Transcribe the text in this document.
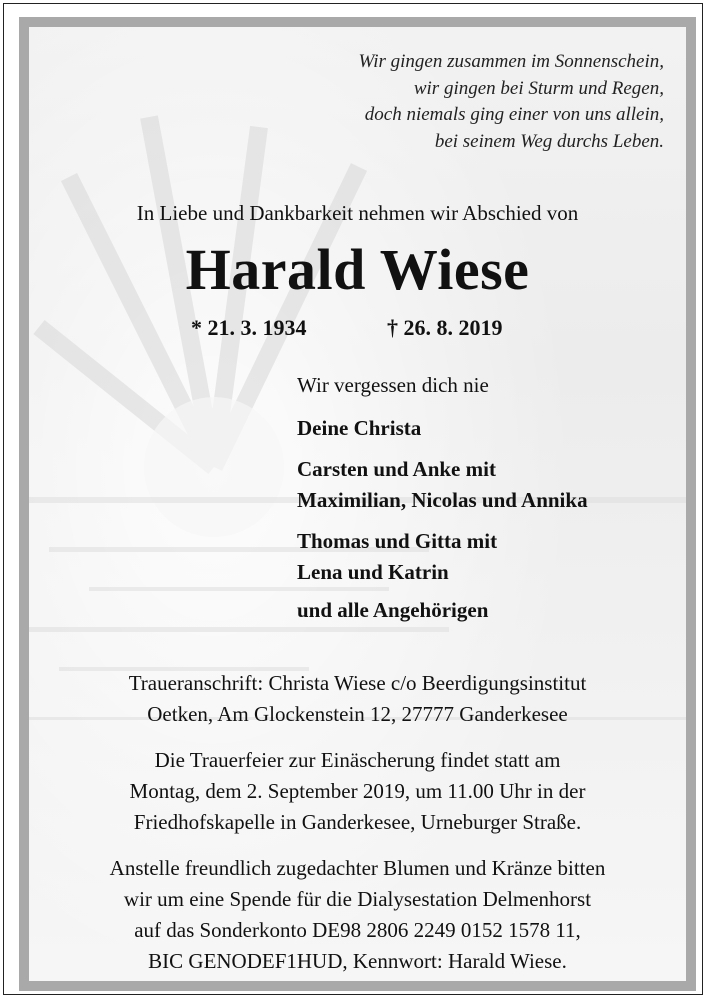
Wir gingen zusammen im Sonnenschein,
wir gingen bei Sturm und Regen,
doch niemals ging einer von uns allein,
bei seinem Weg durchs Leben.
In Liebe und Dankbarkeit nehmen wir Abschied von
Harald Wiese
* 21. 3. 1934	† 26. 8. 2019
Wir vergessen dich nie
Deine Christa
Carsten und Anke mit
Maximilian, Nicolas und Annika
Thomas und Gitta mit
Lena und Katrin
und alle Angehörigen
Traueranschrift: Christa Wiese c/o Beerdigungsinstitut
Oetken, Am Glockenstein 12, 27777 Ganderkesee
Die Trauerfeier zur Einäscherung findet statt am
Montag, dem 2. September 2019, um 11.00 Uhr in der
Friedhofskapelle in Ganderkesee, Urneburger Straße.
Anstelle freundlich zugedachter Blumen und Kränze bitten
wir um eine Spende für die Dialysestation Delmenhorst
auf das Sonderkonto DE98 2806 2249 0152 1578 11,
BIC GENODEF1HUD, Kennwort: Harald Wiese.
